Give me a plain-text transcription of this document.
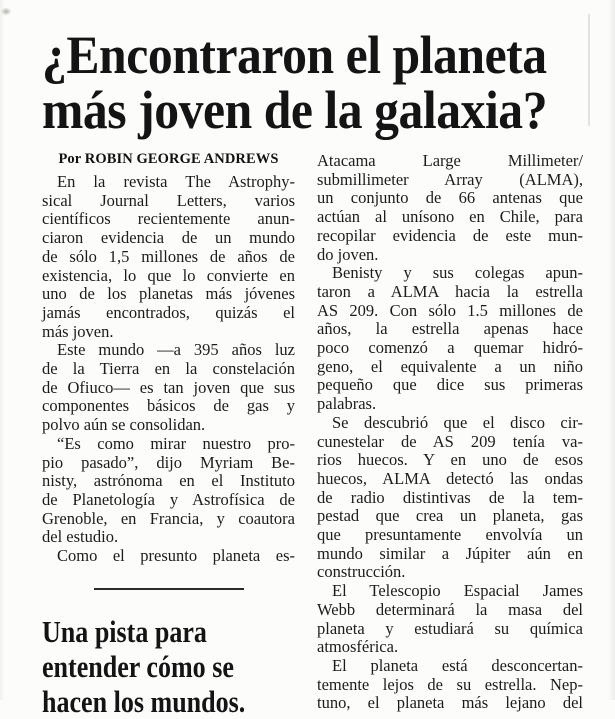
¿Encontraron el planeta
más joven de la galaxia?
Por ROBIN GEORGE ANDREWS
En la revista The Astrophy-
sical Journal Letters, varios
científicos recientemente anun-
ciaron evidencia de un mundo
de sólo 1,5 millones de años de
existencia, lo que lo convierte en
uno de los planetas más jóvenes
jamás encontrados, quizás el
más joven.
Este mundo —a 395 años luz
de la Tierra en la constelación
de Ofiuco— es tan joven que sus
componentes básicos de gas y
polvo aún se consolidan.
“Es como mirar nuestro pro-
pio pasado”, dijo Myriam Be-
nisty, astrónoma en el Instituto
de Planetología y Astrofísica de
Grenoble, en Francia, y coautora
del estudio.
Como el presunto planeta es-
Una pista para
entender cómo se
hacen los mundos.
Atacama Large Millimeter/
submillimeter Array (ALMA),
un conjunto de 66 antenas que
actúan al unísono en Chile, para
recopilar evidencia de este mun-
do joven.
Benisty y sus colegas apun-
taron a ALMA hacia la estrella
AS 209. Con sólo 1.5 millones de
años, la estrella apenas hace
poco comenzó a quemar hidró-
geno, el equivalente a un niño
pequeño que dice sus primeras
palabras.
Se descubrió que el disco cir-
cunestelar de AS 209 tenía va-
rios huecos. Y en uno de esos
huecos, ALMA detectó las ondas
de radio distintivas de la tem-
pestad que crea un planeta, gas
que presuntamente envolvía un
mundo similar a Júpiter aún en
construcción.
El Telescopio Espacial James
Webb determinará la masa del
planeta y estudiará su química
atmosférica.
El planeta está desconcertan-
temente lejos de su estrella. Nep-
tuno, el planeta más lejano del
